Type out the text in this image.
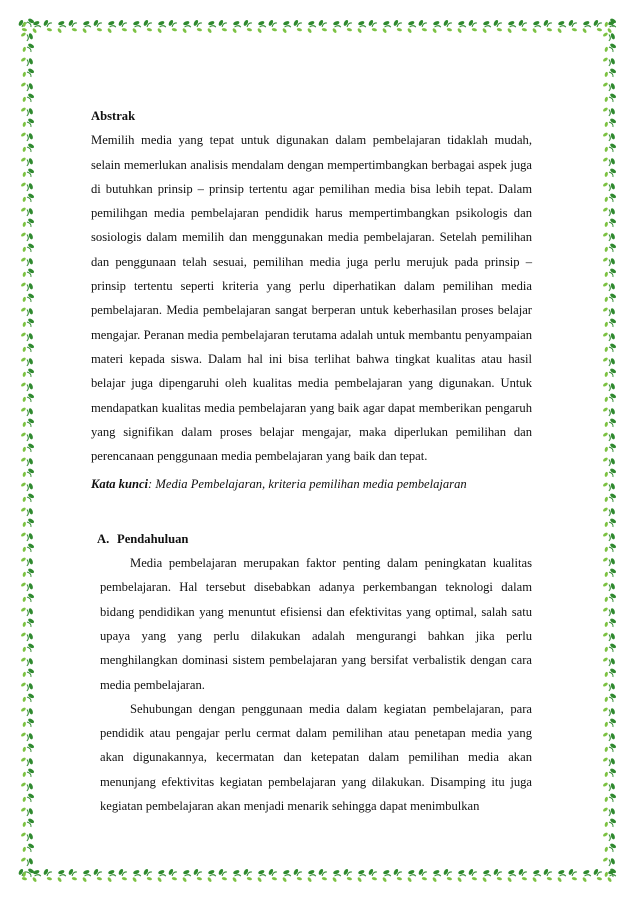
Abstrak

Memilih media yang tepat untuk digunakan dalam pembelajaran tidaklah mudah, selain memerlukan analisis mendalam dengan mempertimbangkan berbagai aspek juga di butuhkan prinsip – prinsip tertentu agar pemilihan media bisa lebih tepat. Dalam pemilihgan media pembelajaran pendidik harus mempertimbangkan psikologis dan sosiologis dalam memilih dan menggunakan media pembelajaran. Setelah pemilihan dan penggunaan telah sesuai, pemilihan media juga perlu merujuk pada prinsip – prinsip tertentu seperti kriteria yang perlu diperhatikan dalam pemilihan media pembelajaran. Media pembelajaran sangat berperan untuk keberhasilan proses belajar mengajar. Peranan media pembelajaran terutama adalah untuk membantu penyampaian materi kepada siswa. Dalam hal ini bisa terlihat bahwa tingkat kualitas atau hasil belajar juga dipengaruhi oleh kualitas media pembelajaran yang digunakan. Untuk mendapatkan kualitas media pembelajaran yang baik agar dapat memberikan pengaruh yang signifikan dalam proses belajar mengajar, maka diperlukan pemilihan dan perencanaan penggunaan media pembelajaran yang baik dan tepat.

Kata kunci: Media Pembelajaran, kriteria pemilihan media pembelajaran

A. Pendahuluan

Media pembelajaran merupakan faktor penting dalam peningkatan kualitas pembelajaran. Hal tersebut disebabkan adanya perkembangan teknologi dalam bidang pendidikan yang menuntut efisiensi dan efektivitas yang optimal, salah satu upaya yang yang perlu dilakukan adalah mengurangi bahkan jika perlu menghilangkan dominasi sistem pembelajaran yang bersifat verbalistik dengan cara media pembelajaran.

Sehubungan dengan penggunaan media dalam kegiatan pembelajaran, para pendidik atau pengajar perlu cermat dalam pemilihan atau penetapan media yang akan digunakannya, kecermatan dan ketepatan dalam pemilihan media akan menunjang efektivitas kegiatan pembelajaran yang dilakukan. Disamping itu juga kegiatan pembelajaran akan menjadi menarik sehingga dapat menimbulkan
